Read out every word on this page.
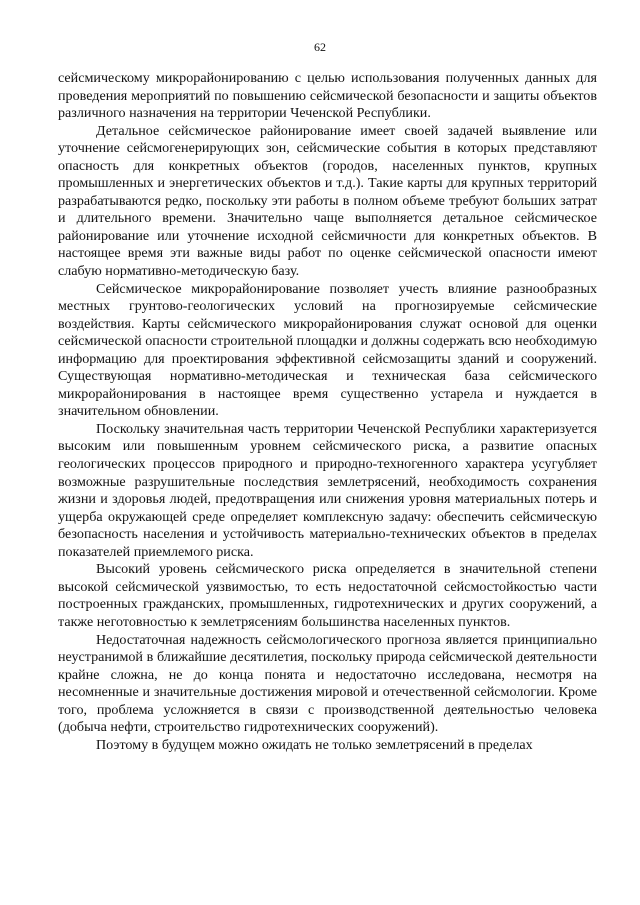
62

сейсмическому микрорайонированию с целью использования полученных данных для проведения мероприятий по повышению сейсмической безопасности и защиты объектов различного назначения на территории Чеченской Республики.

Детальное сейсмическое районирование имеет своей задачей выявление или уточнение сейсмогенерирующих зон, сейсмические события в которых представляют опасность для конкретных объектов (городов, населенных пунктов, крупных промышленных и энергетических объектов и т.д.). Такие карты для крупных территорий разрабатываются редко, поскольку эти работы в полном объеме требуют больших затрат и длительного времени. Значительно чаще выполняется детальное сейсмическое районирование или уточнение исходной сейсмичности для конкретных объектов. В настоящее время эти важные виды работ по оценке сейсмической опасности имеют слабую нормативно-методическую базу.

Сейсмическое микрорайонирование позволяет учесть влияние разнообразных местных грунтово-геологических условий на прогнозируемые сейсмические воздействия. Карты сейсмического микрорайонирования служат основой для оценки сейсмической опасности строительной площадки и должны содержать всю необходимую информацию для проектирования эффективной сейсмозащиты зданий и сооружений. Существующая нормативно-методическая и техническая база сейсмического микрорайонирования в настоящее время существенно устарела и нуждается в значительном обновлении.

Поскольку значительная часть территории Чеченской Республики характеризуется высоким или повышенным уровнем сейсмического риска, а развитие опасных геологических процессов природного и природно-техногенного характера усугубляет возможные разрушительные последствия землетрясений, необходимость сохранения жизни и здоровья людей, предотвращения или снижения уровня материальных потерь и ущерба окружающей среде определяет комплексную задачу: обеспечить сейсмическую безопасность населения и устойчивость материально-технических объектов в пределах показателей приемлемого риска.

Высокий уровень сейсмического риска определяется в значительной степени высокой сейсмической уязвимостью, то есть недостаточной сейсмостойкостью части построенных гражданских, промышленных, гидротехнических и других сооружений, а также неготовностью к землетрясениям большинства населенных пунктов.

Недостаточная надежность сейсмологического прогноза является принципиально неустранимой в ближайшие десятилетия, поскольку природа сейсмической деятельности крайне сложна, не до конца понята и недостаточно исследована, несмотря на несомненные и значительные достижения мировой и отечественной сейсмологии. Кроме того, проблема усложняется в связи с производственной деятельностью человека (добыча нефти, строительство гидротехнических сооружений).

Поэтому в будущем можно ожидать не только землетрясений в пределах
